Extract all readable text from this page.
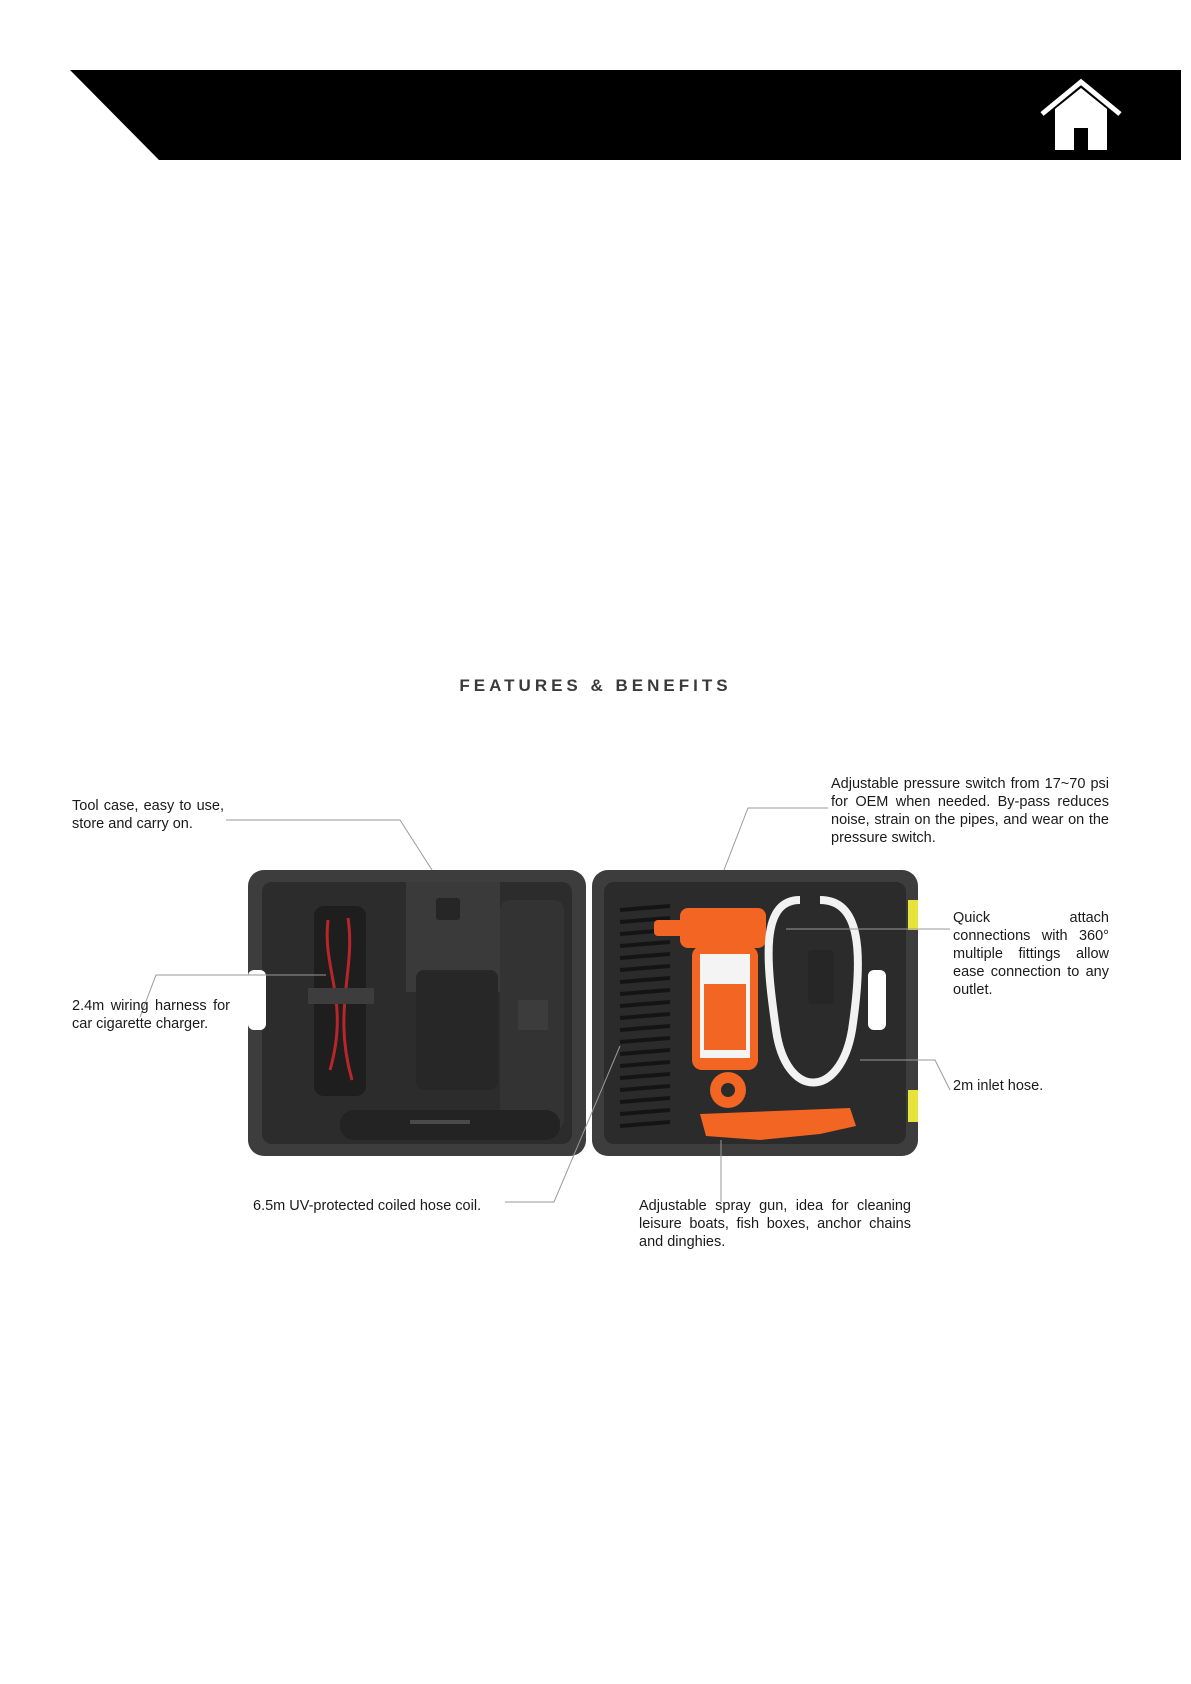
FEATURES & BENEFITS
Tool case, easy to use, store and carry on.
2.4m wiring harness for car cigarette charger.
6.5m UV-protected coiled hose coil.	Adjustable spray gun, idea for cleaning leisure boats, fish boxes, anchor chains and dinghies.
Adjustable pressure switch from 17~70 psi for OEM when needed. By-pass reduces noise, strain on the pipes, and wear on the pressure switch.
Quick attach connections with 360° multiple fittings allow ease connection to any outlet.
2m inlet hose.
